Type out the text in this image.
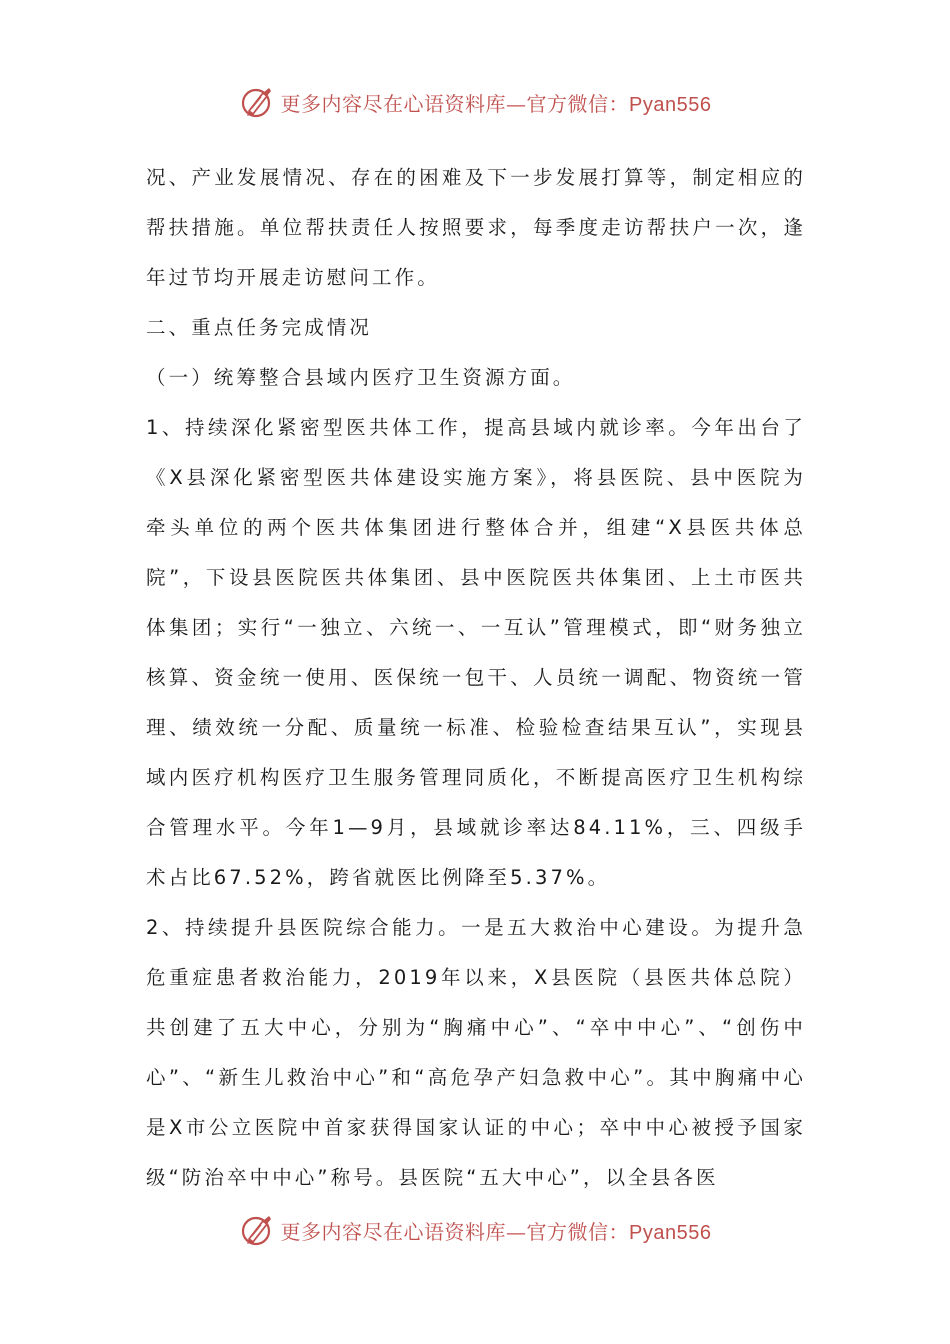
更多内容尽在心语资料库—官方微信：Pyan556

况、产业发展情况、存在的困难及下一步发展打算等，制定相应的帮扶措施。单位帮扶责任人按照要求，每季度走访帮扶户一次，逢年过节均开展走访慰问工作。

二、重点任务完成情况

（一）统筹整合县域内医疗卫生资源方面。

1、持续深化紧密型医共体工作，提高县域内就诊率。今年出台了《X县深化紧密型医共体建设实施方案》，将县医院、县中医院为牵头单位的两个医共体集团进行整体合并，组建“X县医共体总院”，下设县医院医共体集团、县中医院医共体集团、上土市医共体集团；实行“一独立、六统一、一互认”管理模式，即“财务独立核算、资金统一使用、医保统一包干、人员统一调配、物资统一管理、绩效统一分配、质量统一标准、检验检查结果互认”，实现县域内医疗机构医疗卫生服务管理同质化，不断提高医疗卫生机构综合管理水平。今年1—9月，县域就诊率达84.11%，三、四级手术占比67.52%，跨省就医比例降至5.37%。

2、持续提升县医院综合能力。一是五大救治中心建设。为提升急危重症患者救治能力，2019年以来，X县医院（县医共体总院）共创建了五大中心，分别为“胸痛中心”、“卒中中心”、“创伤中心”、“新生儿救治中心”和“高危孕产妇急救中心”。其中胸痛中心是X市公立医院中首家获得国家认证的中心；卒中中心被授予国家级“防治卒中中心”称号。县医院“五大中心”，以全县各医

更多内容尽在心语资料库—官方微信：Pyan556
